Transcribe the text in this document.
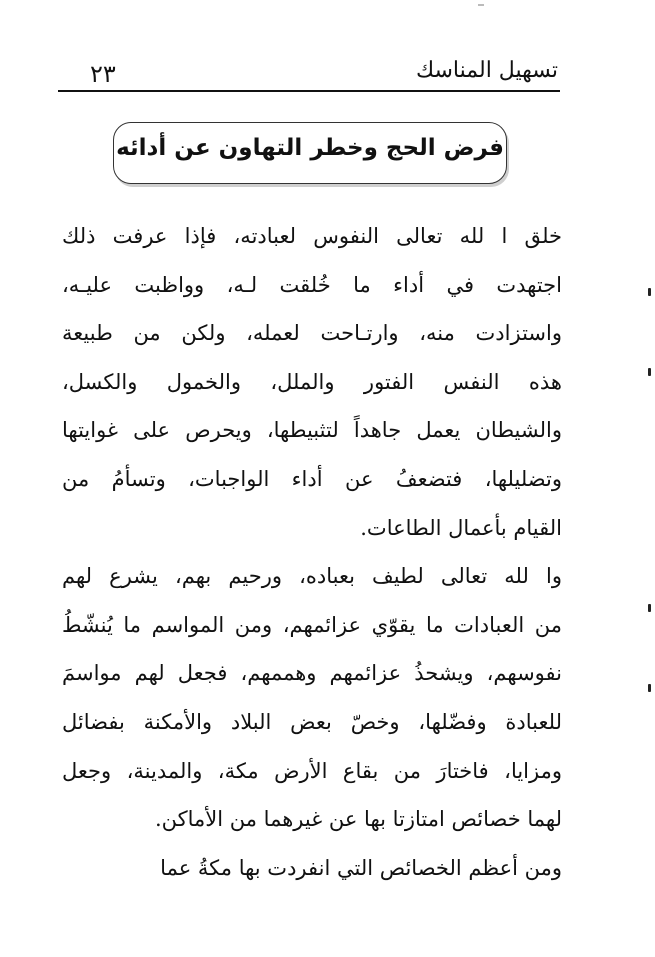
٢٣	تسهيل المناسك
فرض الحج وخطر التهاون عن أدائه
خلق ا لله تعالى النفوس لعبادته، فإذا عرفت ذلك
اجتهدت في أداء ما خُلقت لـه، وواظبت عليـه،
واستزادت منه، وارتـاحت لعمله، ولكن من طبيعة
هذه النفس الفتور والملل، والخمول والكسل،
والشيطان يعمل جاهداً لتثبيطها، ويحرص على غوايتها
وتضليلها، فتضعفُ عن أداء الواجبات، وتسأمُ من
القيام بأعمال الطاعات.
وا لله تعالى لطيف بعباده، ورحيم بهم، يشرع لهم
من العبادات ما يقوّي عزائمهم، ومن المواسم ما يُنشّطُ
نفوسهم، ويشحذُ عزائمهم وهممهم، فجعل لهم مواسمَ
للعبادة وفضّلها، وخصّ بعض البلاد والأمكنة بفضائل
ومزايا، فاختارَ من بقاع الأرض مكة، والمدينة، وجعل
لهما خصائص امتازتا بها عن غيرهما من الأماكن.
ومن أعظم الخصائص التي انفردت بها مكةُ عما
